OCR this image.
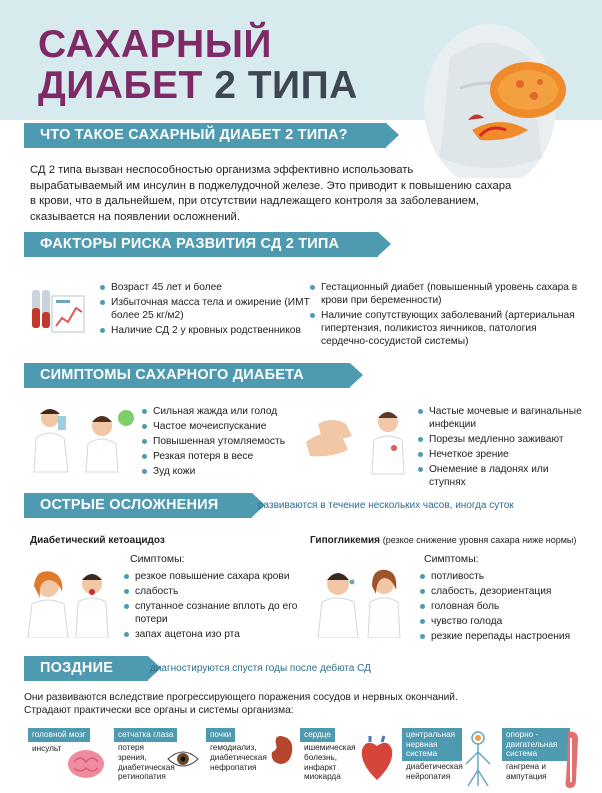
САХАРНЫЙ
ДИАБЕТ 2 ТИПА
ЧТО ТАКОЕ САХАРНЫЙ ДИАБЕТ 2 ТИПА?
СД 2 типа вызван неспособностью организма эффективно использовать
вырабатываемый им инсулин в поджелудочной железе. Это приводит к повышению сахара
в крови, что в дальнейшем, при отсутствии надлежащего контроля за заболеванием,
сказывается на появлении осложнений.
ФАКТОРЫ РИСКА РАЗВИТИЯ СД 2 ТИПА
Возраст 45 лет и более
Избыточная масса тела и ожирение (ИМТ более 25 кг/м2)
Наличие СД 2 у кровных родственников
Гестационный диабет (повышенный уровень сахара в крови при беременности)
Наличие сопутствующих заболеваний (артериальная гипертензия, поликистоз яичников, патология сердечно-сосудистой системы)
СИМПТОМЫ САХАРНОГО ДИАБЕТА
Сильная жажда или голод
Частое мочеиспускание
Повышенная утомляемость
Резкая потеря в весе
Зуд кожи
Частые мочевые и вагинальные инфекции
Порезы медленно заживают
Нечеткое зрение
Онемение в ладонях или ступнях
ОСТРЫЕ ОСЛОЖНЕНИЯ	развиваются в течение нескольких часов, иногда суток
Диабетический кетоацидоз	Гипогликемия (резкое снижение уровня сахара ниже нормы)
Симптомы:
резкое повышение сахара крови
слабость
спутанное сознание вплоть до его потери
запах ацетона изо рта
Симптомы:
потливость
слабость, дезориентация
головная боль
чувство голода
резкие перепады настроения
ПОЗДНИЕ	диагностируются спустя годы после дебюта СД
Они развиваются вследствие прогрессирующего поражения сосудов и нервных окончаний.
Страдают практически все органы и системы организма:
головной мозг
инсульт
сетчатка глаза
потеря зрения, диабетическая ретинопатия
почки
гемодиализ, диабетическая нефропатия
сердце
ишемическая болезнь, инфаркт миокарда
центральная нервная система
диабетическая нейропатия
опорно - двигательная система
гангрена и ампутация
